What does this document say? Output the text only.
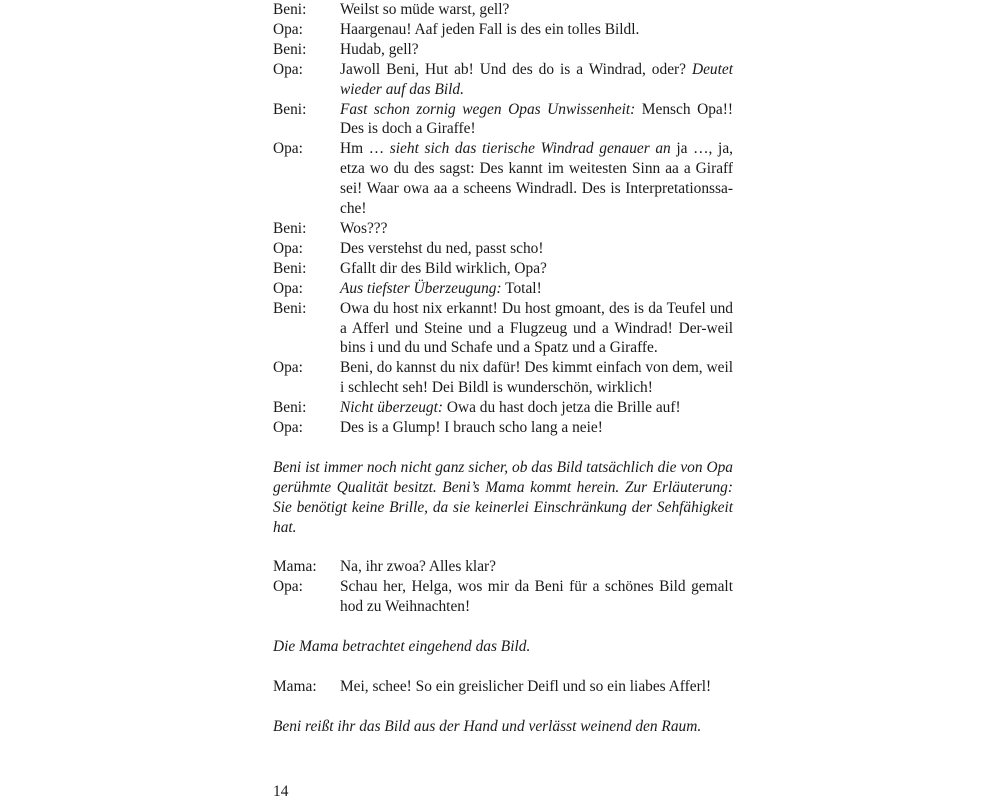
Beni:	Weilst so müde warst, gell?
Opa:	Haargenau! Aaf jeden Fall is des ein tolles Bildl.
Beni:	Hudab, gell?
Opa:	Jawoll Beni, Hut ab! Und des do is a Windrad, oder? Deutet wieder auf das Bild.
Beni:	Fast schon zornig wegen Opas Unwissenheit: Mensch Opa!! Des is doch a Giraffe!
Opa:	Hm … sieht sich das tierische Windrad genauer an ja …, ja, etza wo du des sagst: Des kannt im weitesten Sinn aa a Giraff sei! Waar owa aa a scheens Windradl. Des is Interpretationssa-che!
Beni:	Wos???
Opa:	Des verstehst du ned, passt scho!
Beni:	Gfallt dir des Bild wirklich, Opa?
Opa:	Aus tiefster Überzeugung: Total!
Beni:	Owa du host nix erkannt! Du host gmoant, des is da Teufel und a Afferl und Steine und a Flugzeug und a Windrad! Der-weil bins i und du und Schafe und a Spatz und a Giraffe.
Opa:	Beni, do kannst du nix dafür! Des kimmt einfach von dem, weil i schlecht seh! Dei Bildl is wunderschön, wirklich!
Beni:	Nicht überzeugt: Owa du hast doch jetza die Brille auf!
Opa:	Des is a Glump! I brauch scho lang a neie!

Beni ist immer noch nicht ganz sicher, ob das Bild tatsächlich die von Opa gerühmte Qualität besitzt. Beni’s Mama kommt herein. Zur Erläuterung: Sie benötigt keine Brille, da sie keinerlei Einschränkung der Sehfähigkeit hat.

Mama:	Na, ihr zwoa? Alles klar?
Opa:	Schau her, Helga, wos mir da Beni für a schönes Bild gemalt hod zu Weihnachten!

Die Mama betrachtet eingehend das Bild.

Mama:	Mei, schee! So ein greislicher Deifl und so ein liabes Afferl!

Beni reißt ihr das Bild aus der Hand und verlässt weinend den Raum.

14
